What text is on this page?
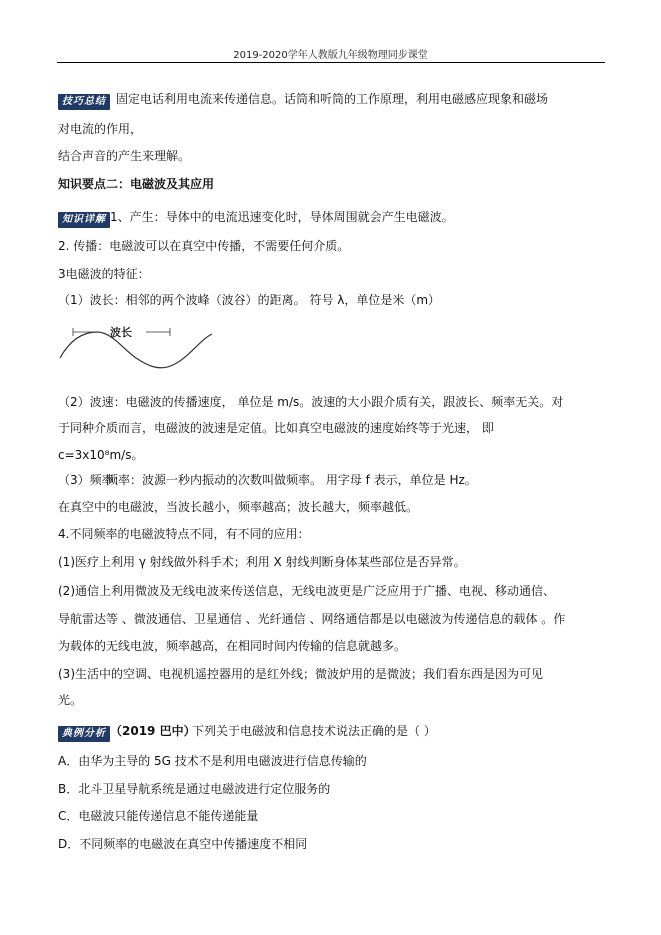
2019-2020学年人教版九年级物理同步课堂
技巧总结 固定电话利用电流来传递信息。话筒和听筒的工作原理，利用电磁感应现象和磁场
对电流的作用，
结合声音的产生来理解。
知识要点二：电磁波及其应用
知识详解 1、产生：导体中的电流迅速变化时，导体周围就会产生电磁波。
2. 传播：电磁波可以在真空中传播，不需要任何介质。
3电磁波的特征：
（1）波长：相邻的两个波峰（波谷）的距离。 符号 λ，单位是米（m）
波长
（2）波速：电磁波的传播速度， 单位是 m/s。波速的大小跟介质有关，跟波长、频率无关。对
于同种介质而言，电磁波的波速是定值。比如真空电磁波的速度始终等于光速， 即
c=3x10⁸m/s。
频率：波源一秒内振动的次数叫做频率。 用字母 f 表示，单位是 Hz。
（3）频率：
在真空中的电磁波，当波长越小，频率越高；波长越大，频率越低。
4.不同频率的电磁波特点不同，有不同的应用：
(1)医疗上利用 γ 射线做外科手术；利用 X 射线判断身体某些部位是否异常。
(2)通信上利用微波及无线电波来传送信息，无线电波更是广泛应用于广播、电视、移动通信、
导航雷达等 、微波通信、卫星通信 、光纤通信 、网络通信都是以电磁波为传递信息的载体 。作
为载体的无线电波，频率越高，在相同时间内传输的信息就越多。
(3)生活中的空调、电视机遥控器用的是红外线；微波炉用的是微波；我们看东西是因为可见
光。
典例分析 （2019 巴中）
下列关于电磁波和信息技术说法正确的是（ ）
A．由华为主导的 5G 技术不是利用电磁波进行信息传输的
B．北斗卫星导航系统是通过电磁波进行定位服务的
C．电磁波只能传递信息不能传递能量
D．不同频率的电磁波在真空中传播速度不相同
